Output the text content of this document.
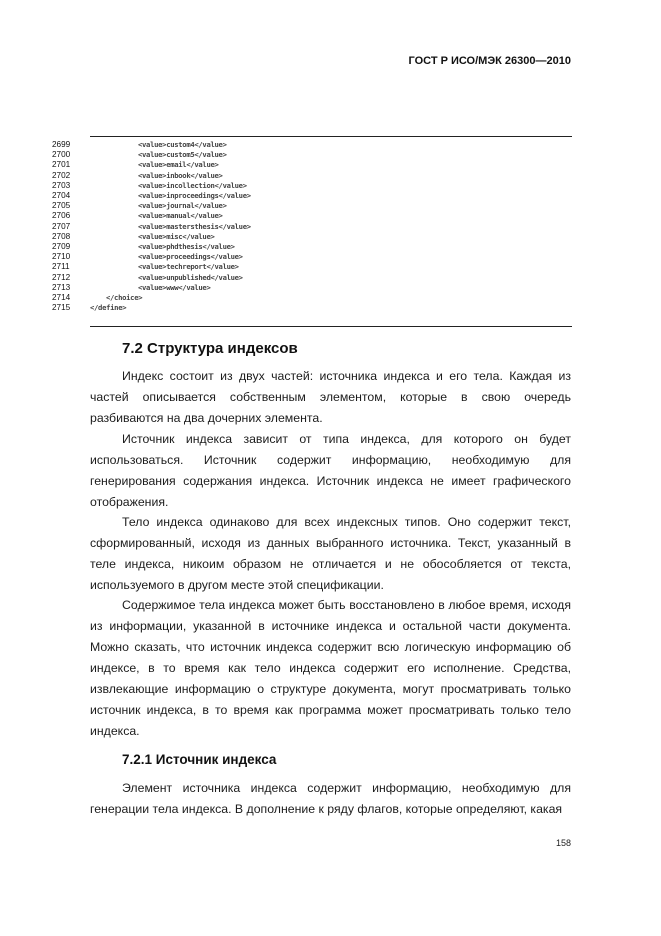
ГОСТ Р ИСО/МЭК 26300—2010
2699	<value>custom4</value>
2700	<value>custom5</value>
2701	<value>email</value>
2702	<value>inbook</value>
2703	<value>incollection</value>
2704	<value>inproceedings</value>
2705	<value>journal</value>
2706	<value>manual</value>
2707	<value>mastersthesis</value>
2708	<value>misc</value>
2709	<value>phdthesis</value>
2710	<value>proceedings</value>
2711	<value>techreport</value>
2712	<value>unpublished</value>
2713	<value>www</value>
2714	</choice>
2715	</define>
7.2 Структура индексов

Индекс состоит из двух частей: источника индекса и его тела. Каждая из частей описывается собственным элементом, которые в свою очередь разбиваются на два дочерних элемента.

Источник индекса зависит от типа индекса, для которого он будет использоваться. Источник содержит информацию, необходимую для генерирования содержания индекса. Источник индекса не имеет графического отображения.

Тело индекса одинаково для всех индексных типов. Оно содержит текст, сформированный, исходя из данных выбранного источника. Текст, указанный в теле индекса, никоим образом не отличается и не обособляется от текста, используемого в другом месте этой спецификации.

Содержимое тела индекса может быть восстановлено в любое время, исходя из информации, указанной в источнике индекса и остальной части документа. Можно сказать, что источник индекса содержит всю логическую информацию об индексе, в то время как тело индекса содержит его исполнение. Средства, извлекающие информацию о структуре документа, могут просматривать только источник индекса, в то время как программа может просматривать только тело индекса.

7.2.1 Источник индекса

Элемент источника индекса содержит информацию, необходимую для генерации тела индекса. В дополнение к ряду флагов, которые определяют, какая

158
